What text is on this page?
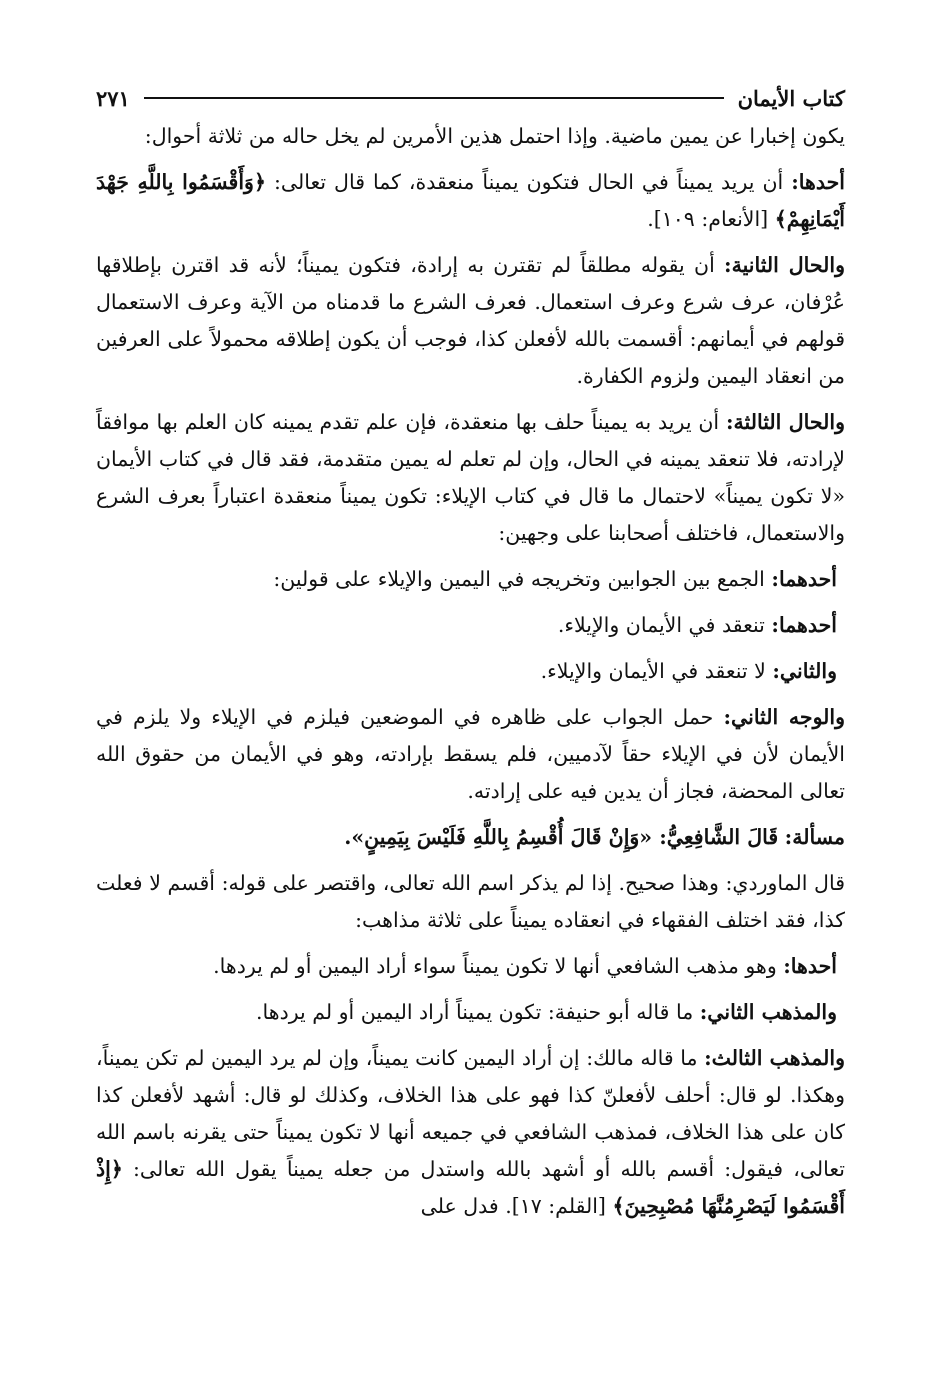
كتاب الأيمان
٢٧١

يكون إخبارا عن يمين ماضية. وإذا احتمل هذين الأمرين لم يخل حاله من ثلاثة أحوال:

أحدها: أن يريد يميناً في الحال فتكون يميناً منعقدة، كما قال تعالى: ﴿وَأَقْسَمُوا بِاللَّهِ جَهْدَ أَيْمَانِهِمْ﴾ [الأنعام: ١٠٩].

والحال الثانية: أن يقوله مطلقاً لم تقترن به إرادة، فتكون يميناً؛ لأنه قد اقترن بإطلاقها عُرْفان، عرف شرع وعرف استعمال. فعرف الشرع ما قدمناه من الآية وعرف الاستعمال قولهم في أيمانهم: أقسمت بالله لأفعلن كذا، فوجب أن يكون إطلاقه محمولاً على العرفين من انعقاد اليمين ولزوم الكفارة.

والحال الثالثة: أن يريد به يميناً حلف بها منعقدة، فإن علم تقدم يمينه كان العلم بها موافقاً لإرادته، فلا تنعقد يمينه في الحال، وإن لم تعلم له يمين متقدمة، فقد قال في كتاب الأيمان «لا تكون يميناً» لاحتمال ما قال في كتاب الإيلاء: تكون يميناً منعقدة اعتباراً بعرف الشرع والاستعمال، فاختلف أصحابنا على وجهين:

أحدهما: الجمع بين الجوابين وتخريجه في اليمين والإيلاء على قولين:

أحدهما: تنعقد في الأيمان والإيلاء.

والثاني: لا تنعقد في الأيمان والإيلاء.

والوجه الثاني: حمل الجواب على ظاهره في الموضعين فيلزم في الإيلاء ولا يلزم في الأيمان لأن في الإيلاء حقاً لآدميين، فلم يسقط بإرادته، وهو في الأيمان من حقوق الله تعالى المحضة، فجاز أن يدين فيه على إرادته.

مسألة: قَالَ الشَّافِعِيُّ: «وَإِنْ قَالَ أُقْسِمُ بِاللَّهِ فَلَيْسَ بِيَمِينٍ».

قال الماوردي: وهذا صحيح. إذا لم يذكر اسم الله تعالى، واقتصر على قوله: أقسم لا فعلت كذا، فقد اختلف الفقهاء في انعقاده يميناً على ثلاثة مذاهب:

أحدها: وهو مذهب الشافعي أنها لا تكون يميناً سواء أراد اليمين أو لم يردها.

والمذهب الثاني: ما قاله أبو حنيفة: تكون يميناً أراد اليمين أو لم يردها.

والمذهب الثالث: ما قاله مالك: إن أراد اليمين كانت يميناً، وإن لم يرد اليمين لم تكن يميناً، وهكذا. لو قال: أحلف لأفعلنّ كذا فهو على هذا الخلاف، وكذلك لو قال: أشهد لأفعلن كذا كان على هذا الخلاف، فمذهب الشافعي في جميعه أنها لا تكون يميناً حتى يقرنه باسم الله تعالى، فيقول: أقسم بالله أو أشهد بالله واستدل من جعله يميناً يقول الله تعالى: ﴿إِذْ أَقْسَمُوا لَيَصْرِمُنَّهَا مُصْبِحِينَ﴾ [القلم: ١٧]. فدل على
